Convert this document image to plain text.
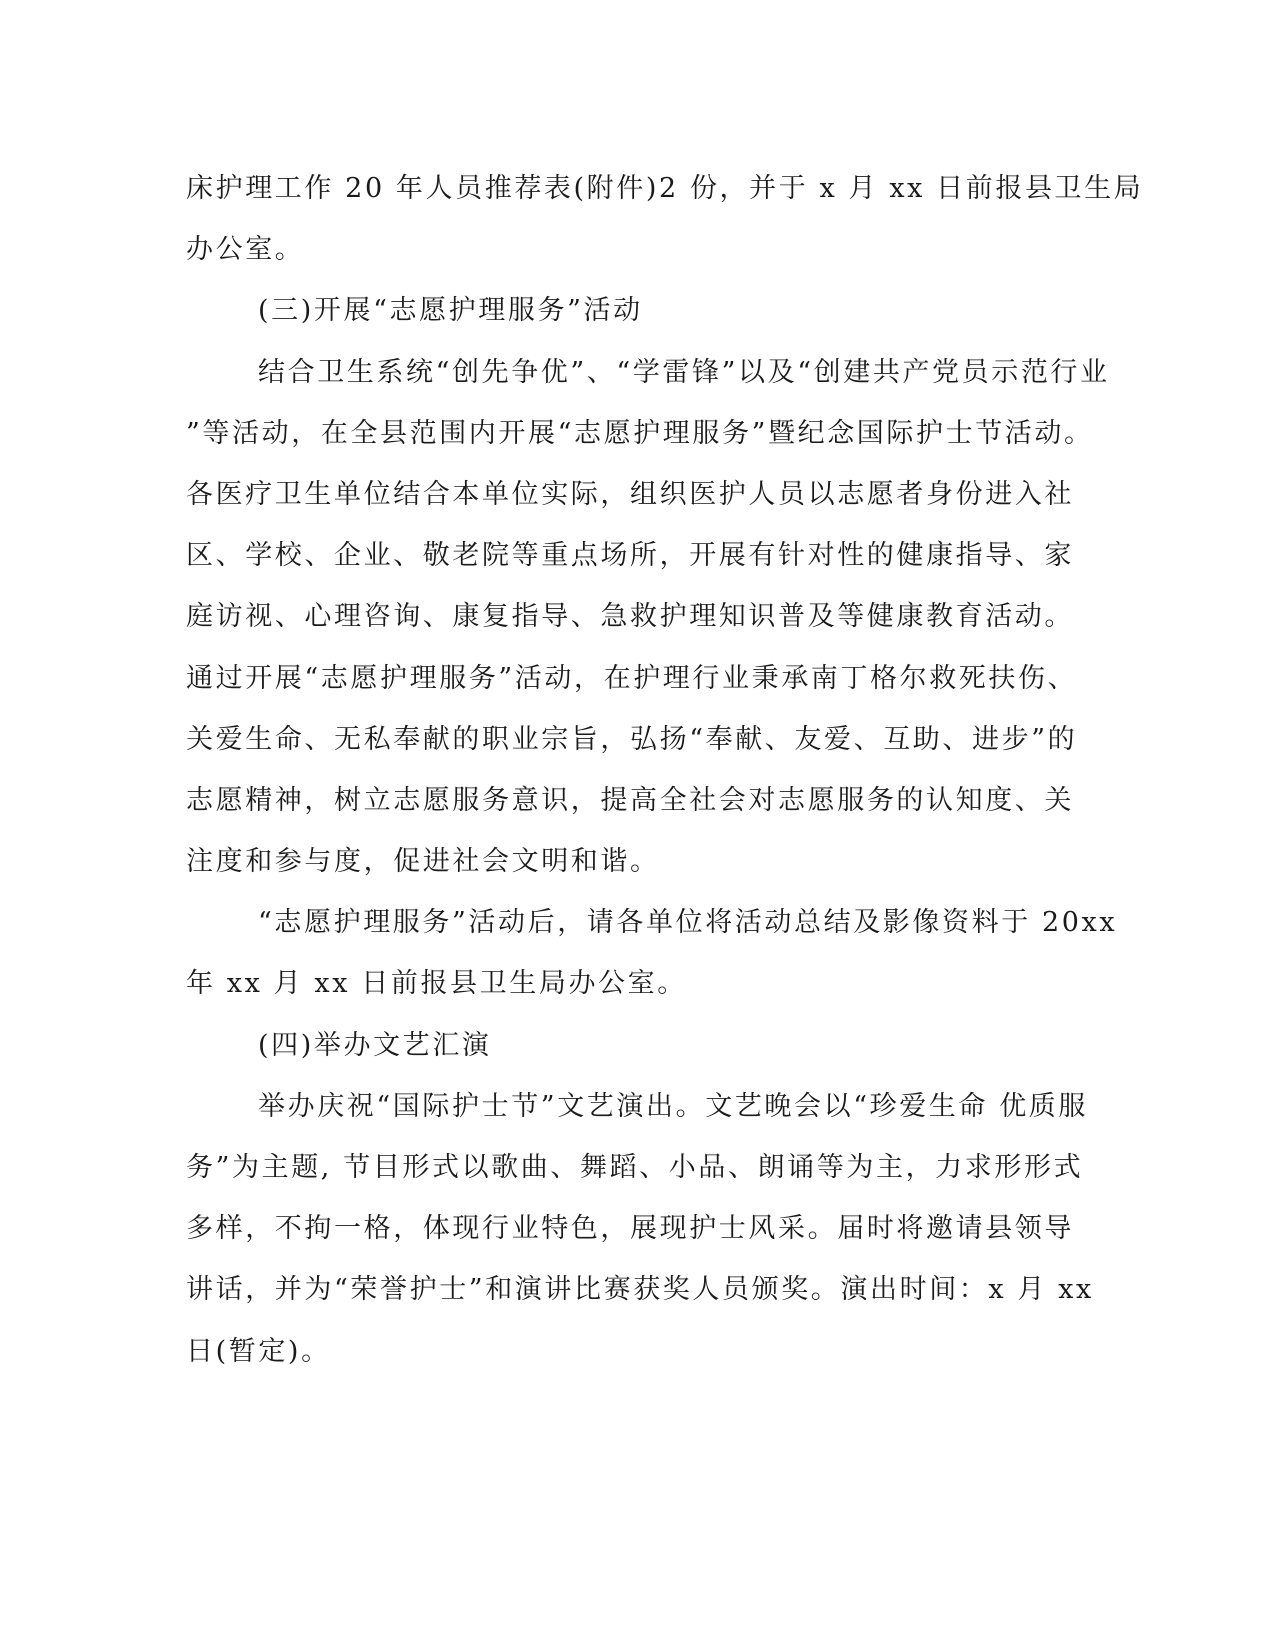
床护理工作 20 年人员推荐表(附件)2 份，并于 x 月 xx 日前报县卫生局
办公室。
(三)开展“志愿护理服务”活动
结合卫生系统“创先争优”、“学雷锋”以及“创建共产党员示范行业
”等活动，在全县范围内开展“志愿护理服务”暨纪念国际护士节活动。
各医疗卫生单位结合本单位实际，组织医护人员以志愿者身份进入社
区、学校、企业、敬老院等重点场所，开展有针对性的健康指导、家
庭访视、心理咨询、康复指导、急救护理知识普及等健康教育活动。
通过开展“志愿护理服务”活动，在护理行业秉承南丁格尔救死扶伤、
关爱生命、无私奉献的职业宗旨，弘扬“奉献、友爱、互助、进步”的
志愿精神，树立志愿服务意识，提高全社会对志愿服务的认知度、关
注度和参与度，促进社会文明和谐。
“志愿护理服务”活动后，请各单位将活动总结及影像资料于 20xx
年 xx 月 xx 日前报县卫生局办公室。
(四)举办文艺汇演
举办庆祝“国际护士节”文艺演出。文艺晚会以“珍爱生命 优质服
务”为主题, 节目形式以歌曲、舞蹈、小品、朗诵等为主，力求形形式
多样，不拘一格，体现行业特色，展现护士风采。届时将邀请县领导
讲话，并为“荣誉护士”和演讲比赛获奖人员颁奖。演出时间：x 月 xx
日(暂定)。
